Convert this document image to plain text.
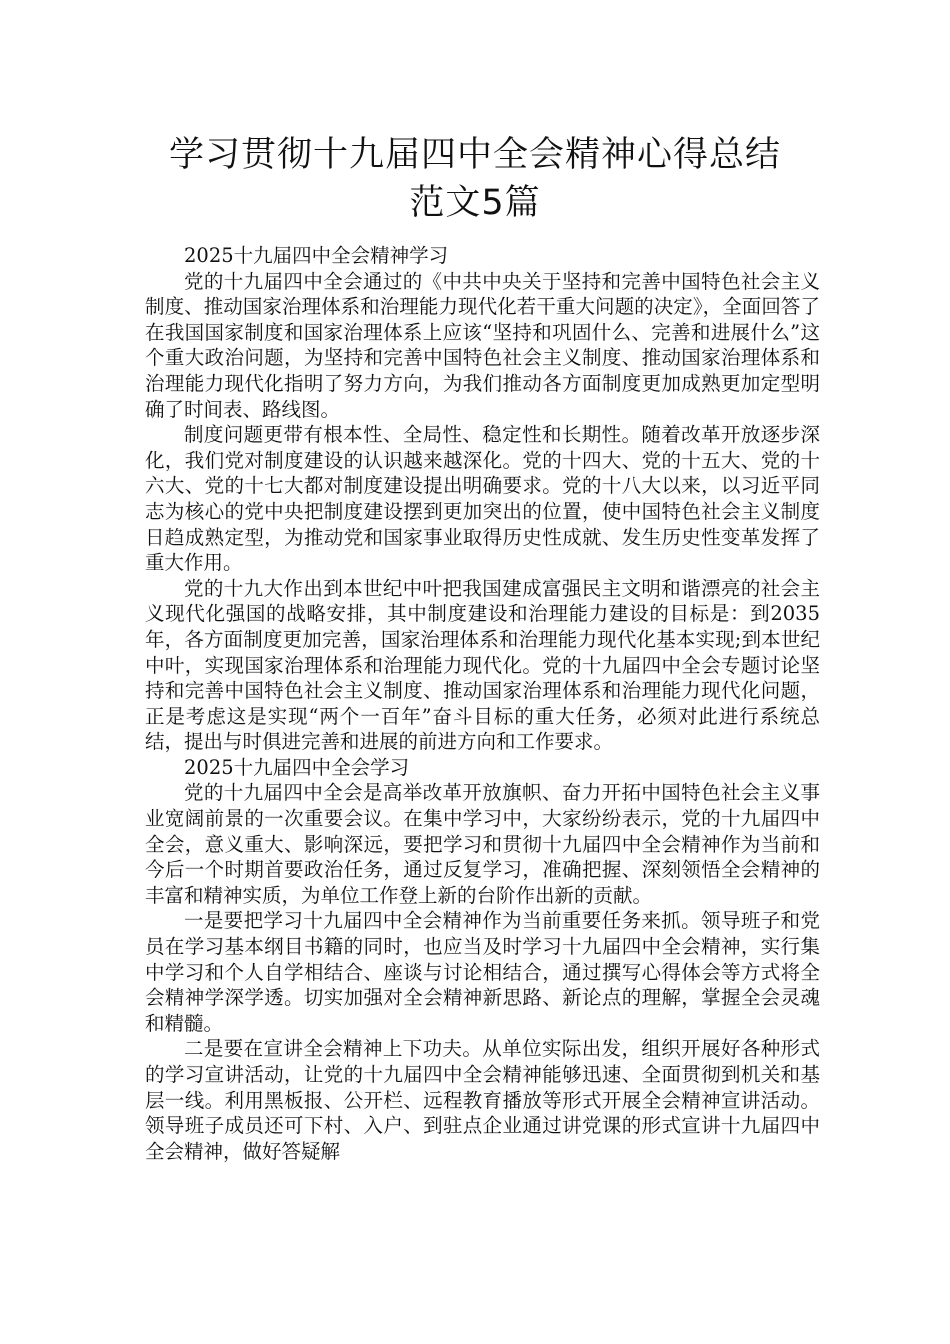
学习贯彻十九届四中全会精神心得总结
范文5篇

2025十九届四中全会精神学习

党的十九届四中全会通过的《中共中央关于坚持和完善中国特色社会主义制度、推动国家治理体系和治理能力现代化若干重大问题的决定》，全面回答了在我国国家制度和国家治理体系上应该“坚持和巩固什么、完善和进展什么”这个重大政治问题，为坚持和完善中国特色社会主义制度、推动国家治理体系和治理能力现代化指明了努力方向，为我们推动各方面制度更加成熟更加定型明确了时间表、路线图。

制度问题更带有根本性、全局性、稳定性和长期性。随着改革开放逐步深化，我们党对制度建设的认识越来越深化。党的十四大、党的十五大、党的十六大、党的十七大都对制度建设提出明确要求。党的十八大以来，以习近平同志为核心的党中央把制度建设摆到更加突出的位置，使中国特色社会主义制度日趋成熟定型，为推动党和国家事业取得历史性成就、发生历史性变革发挥了重大作用。

党的十九大作出到本世纪中叶把我国建成富强民主文明和谐漂亮的社会主义现代化强国的战略安排，其中制度建设和治理能力建设的目标是：到2035年，各方面制度更加完善，国家治理体系和治理能力现代化基本实现;到本世纪中叶，实现国家治理体系和治理能力现代化。党的十九届四中全会专题讨论坚持和完善中国特色社会主义制度、推动国家治理体系和治理能力现代化问题，正是考虑这是实现“两个一百年”奋斗目标的重大任务，必须对此进行系统总结，提出与时俱进完善和进展的前进方向和工作要求。

2025十九届四中全会学习

党的十九届四中全会是高举改革开放旗帜、奋力开拓中国特色社会主义事业宽阔前景的一次重要会议。在集中学习中，大家纷纷表示，党的十九届四中全会，意义重大、影响深远，要把学习和贯彻十九届四中全会精神作为当前和今后一个时期首要政治任务，通过反复学习，准确把握、深刻领悟全会精神的丰富和精神实质，为单位工作登上新的台阶作出新的贡献。

一是要把学习十九届四中全会精神作为当前重要任务来抓。领导班子和党员在学习基本纲目书籍的同时，也应当及时学习十九届四中全会精神，实行集中学习和个人自学相结合、座谈与讨论相结合，通过撰写心得体会等方式将全会精神学深学透。切实加强对全会精神新思路、新论点的理解，掌握全会灵魂和精髓。

二是要在宣讲全会精神上下功夫。从单位实际出发，组织开展好各种形式的学习宣讲活动，让党的十九届四中全会精神能够迅速、全面贯彻到机关和基层一线。利用黑板报、公开栏、远程教育播放等形式开展全会精神宣讲活动。领导班子成员还可下村、入户、到驻点企业通过讲党课的形式宣讲十九届四中全会精神，做好答疑解
